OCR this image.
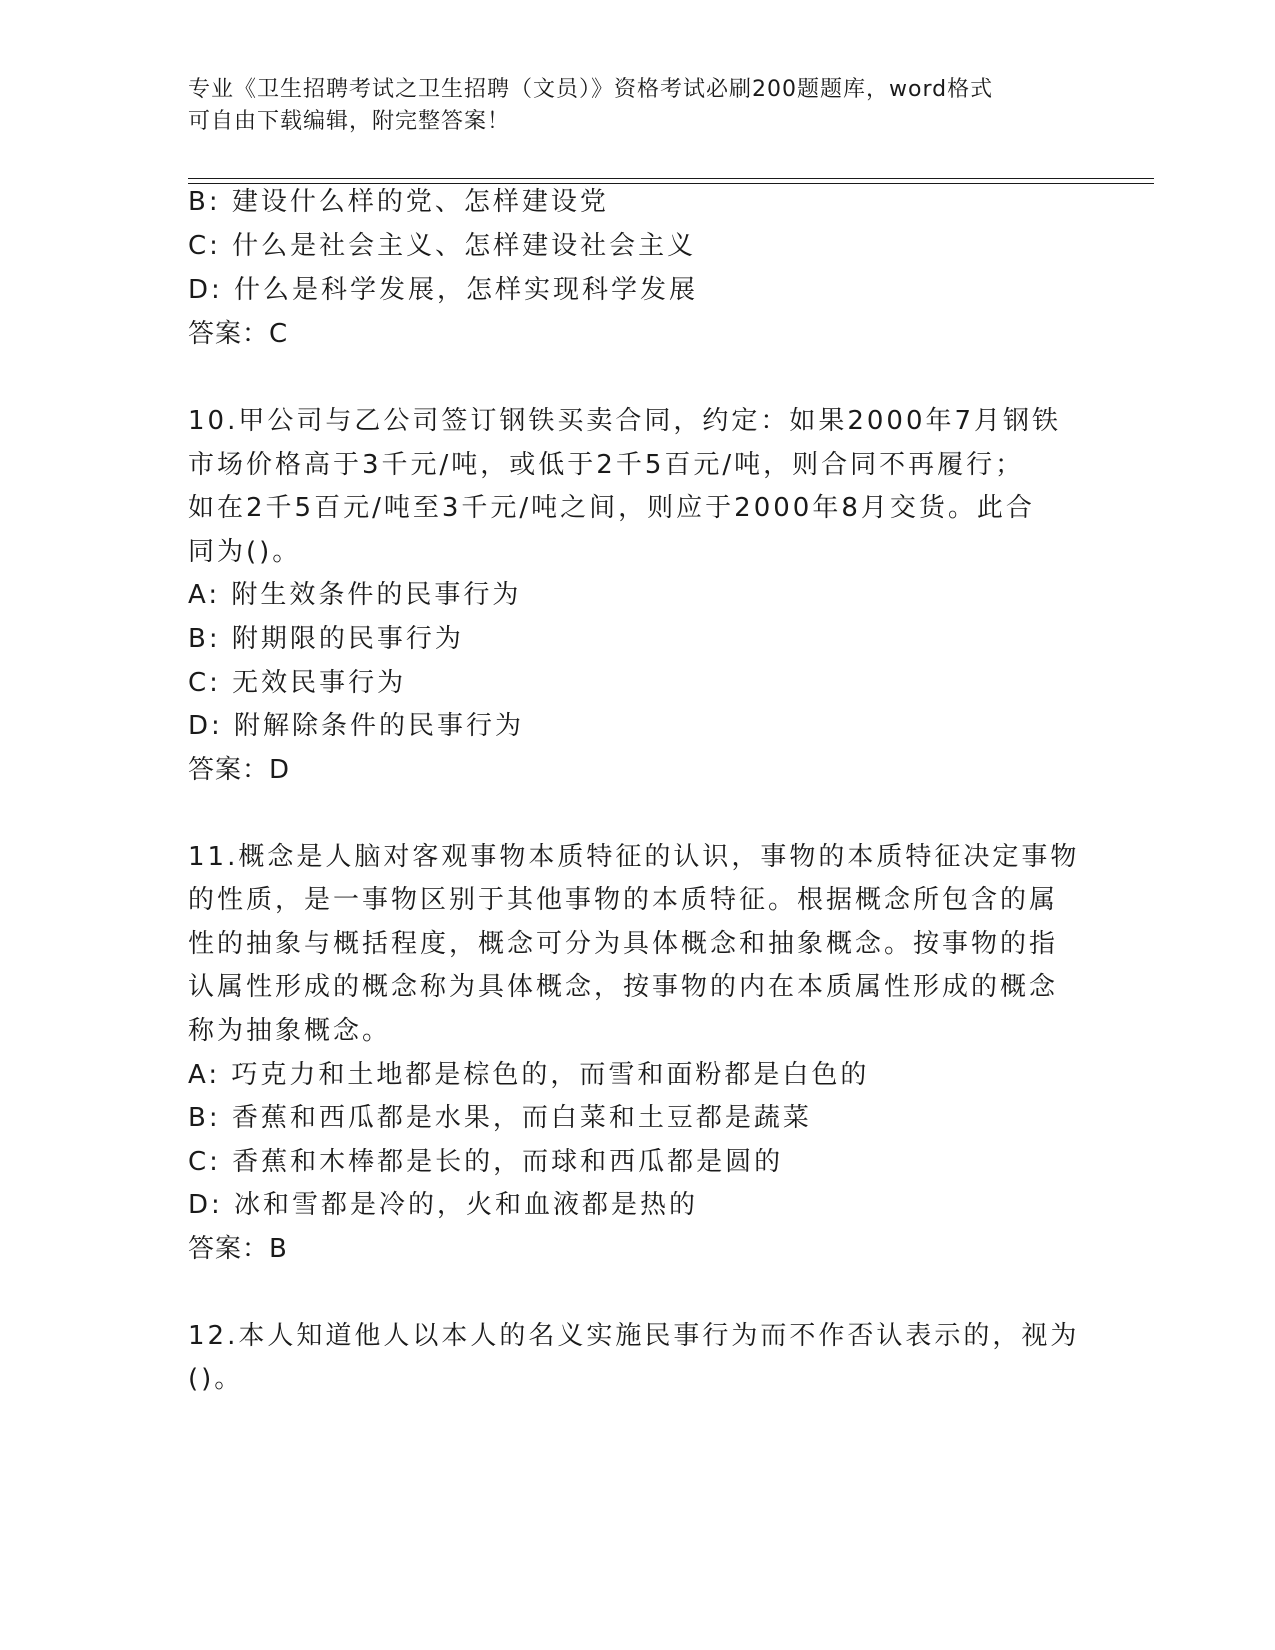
专业《卫生招聘考试之卫生招聘（文员）》资格考试必刷200题题库，word格式
可自由下载编辑，附完整答案！
B: 建设什么样的党、怎样建设党
C: 什么是社会主义、怎样建设社会主义
D: 什么是科学发展，怎样实现科学发展
答案：C
10.甲公司与乙公司签订钢铁买卖合同，约定：如果2000年7月钢铁
市场价格高于3千元/吨，或低于2千5百元/吨，则合同不再履行；
如在2千5百元/吨至3千元/吨之间，则应于2000年8月交货。此合
同为()。
A: 附生效条件的民事行为
B: 附期限的民事行为
C: 无效民事行为
D: 附解除条件的民事行为
答案：D
11.概念是人脑对客观事物本质特征的认识，事物的本质特征决定事物
的性质，是一事物区别于其他事物的本质特征。根据概念所包含的属
性的抽象与概括程度，概念可分为具体概念和抽象概念。按事物的指
认属性形成的概念称为具体概念，按事物的内在本质属性形成的概念
称为抽象概念。
A: 巧克力和土地都是棕色的，而雪和面粉都是白色的
B: 香蕉和西瓜都是水果，而白菜和土豆都是蔬菜
C: 香蕉和木棒都是长的，而球和西瓜都是圆的
D: 冰和雪都是冷的，火和血液都是热的
答案：B
12.本人知道他人以本人的名义实施民事行为而不作否认表示的，视为
()。
